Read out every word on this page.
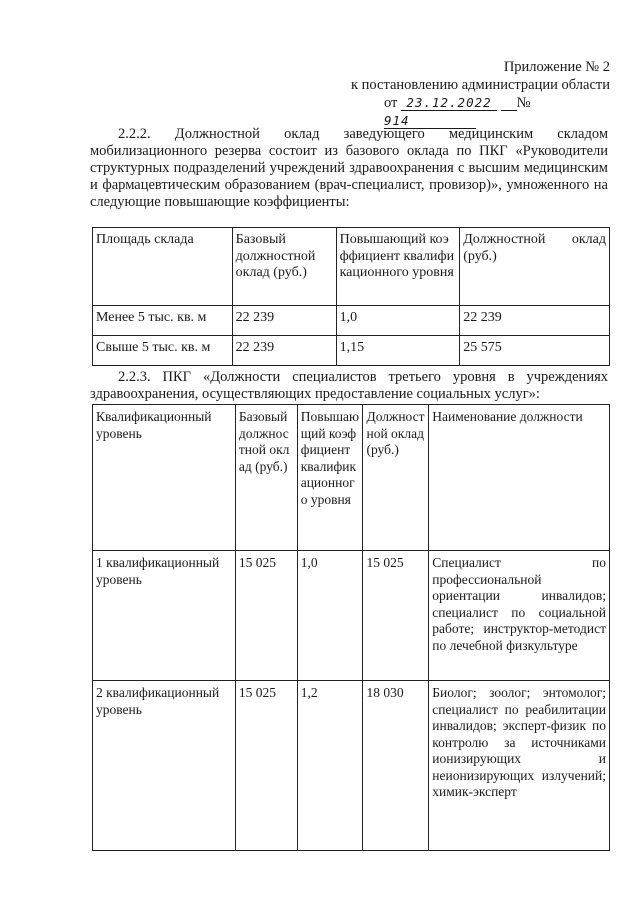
Приложение № 2
к постановлению администрации области
от 23.12.2022 №914
2.2.2. Должностной оклад заведующего медицинским складом мобилизационного резерва состоит из базового оклада по ПКГ «Руководители структурных подразделений учреждений здравоохранения с высшим медицинским и фармацевтическим образованием (врач-специалист, провизор)», умноженного на следующие повышающие коэффициенты:
Площадь склада	Базовый должностной оклад (руб.)	Повышающий коэффициент квалификационного уровня	Должностной оклад (руб.)
Менее 5 тыс. кв. м	22 239	1,0	22 239
Свыше 5 тыс. кв. м	22 239	1,15	25 575
2.2.3. ПКГ «Должности специалистов третьего уровня в учреждениях здравоохранения, осуществляющих предоставление социальных услуг»:
Квалификационный уровень	Базовый должностной оклад (руб.)	Повышающий коэффициент квалификационного уровня	Должностной оклад (руб.)	Наименование должности
1 квалификационный уровень	15 025	1,0	15 025	Специалист по профессиональной ориентации инвалидов; специалист по социальной работе; инструктор-методист по лечебной физкультуре
2 квалификационный уровень	15 025	1,2	18 030	Биолог; зоолог; энтомолог; специалист по реабилитации инвалидов; эксперт-физик по контролю за источниками ионизирующих и неионизирующих излучений; химик-эксперт
